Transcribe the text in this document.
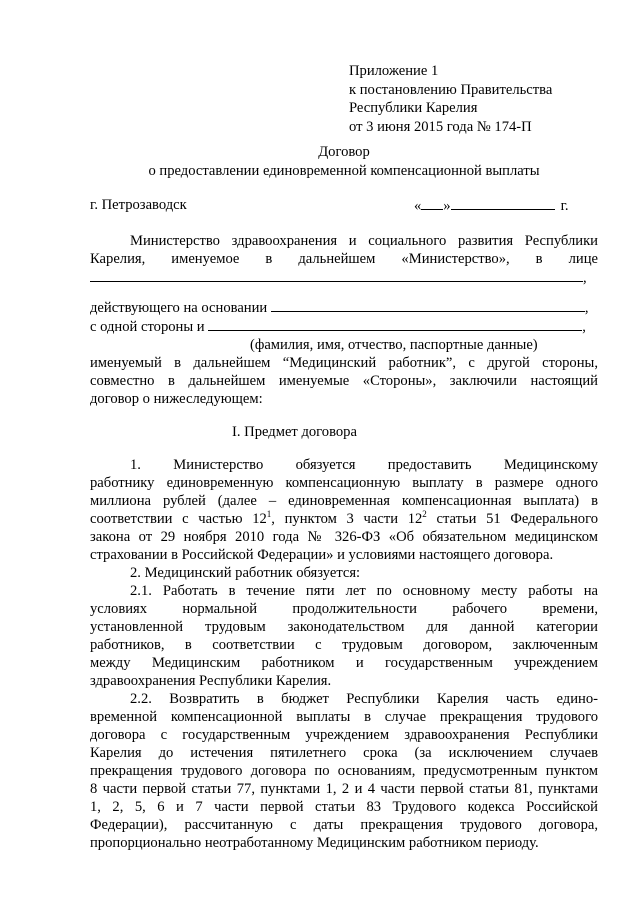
Приложение 1
к постановлению Правительства
Республики Карелия
от 3 июня 2015 года № 174-П
Договор
о предоставлении единовременной компенсационной выплаты
г. Петрозаводск	« »	г.
Министерство здравоохранения и социального развития Республики
Карелия, именуемое в дальнейшем «Министерство», в лице
,
действующего на основании	,
с одной стороны и	,
(фамилия, имя, отчество, паспортные данные)
именуемый в дальнейшем “Медицинский работник”, с другой стороны,
совместно в дальнейшем именуемые «Стороны», заключили настоящий
договор о нижеследующем:
I. Предмет договора
1. Министерство обязуется предоставить Медицинскому
работнику единовременную компенсационную выплату в размере одного
миллиона рублей (далее – единовременная компенсационная выплата) в
соответствии с частью $12^1$, пунктом 3 части $12^2$ статьи 51 Федерального
закона от 29 ноября 2010 года № 326-ФЗ «Об обязательном медицинском
страховании в Российской Федерации» и условиями настоящего договора.
2. Медицинский работник обязуется:
2.1. Работать в течение пяти лет по основному месту работы на
условиях нормальной продолжительности рабочего времени,
установленной трудовым законодательством для данной категории
работников, в соответствии с трудовым договором, заключенным
между Медицинским работником и государственным учреждением
здравоохранения Республики Карелия.
2.2. Возвратить в бюджет Республики Карелия часть едино-
временной компенсационной выплаты в случае прекращения трудового
договора с государственным учреждением здравоохранения Республики
Карелия до истечения пятилетнего срока (за исключением случаев
прекращения трудового договора по основаниям, предусмотренным пунктом
8 части первой статьи 77, пунктами 1, 2 и 4 части первой статьи 81, пунктами
1, 2, 5, 6 и 7 части первой статьи 83 Трудового кодекса Российской
Федерации), рассчитанную с даты прекращения трудового договора,
пропорционально неотработанному Медицинским работником периоду.
